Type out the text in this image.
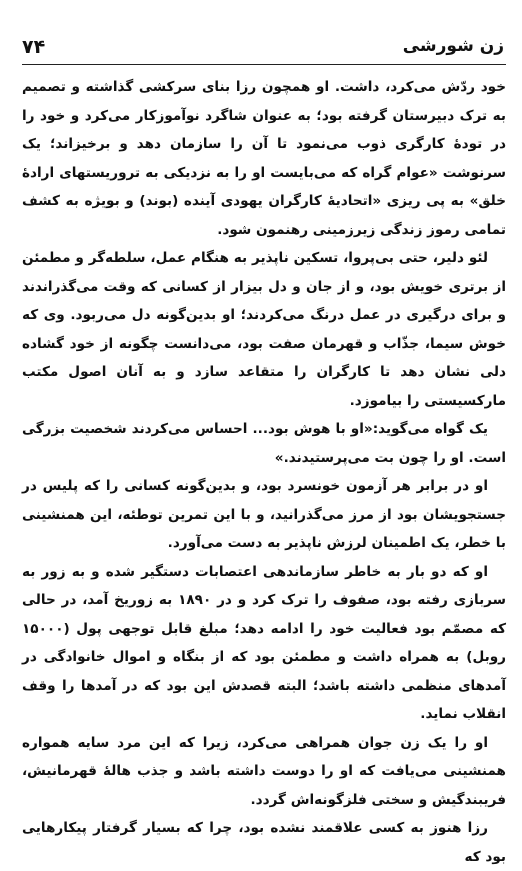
زن شورشی
۷۴

خود ردّش می‌کرد، داشت. او همچون رزا بنای سرکشی گذاشته و تصمیم به ترک دبیرستان گرفته بود؛ به عنوان شاگرد نوآموزکار می‌کرد و خود را در تودهٔ کارگری ذوب می‌نمود تا آن را سازمان دهد و برخیزاند؛ یک سرنوشت «عوام گراه که می‌بایست او را به نزدیکی به تروریستهای ارادهٔ خلق» به پی ریزی «اتحادیهٔ کارگران یهودی آینده (بوند) و بویژه به کشف تمامی رموز زندگی زیرزمینی رهنمون شود.

لئو دلیر، حتی بی‌پروا، تسکین ناپذیر به هنگام عمل، سلطه‌گر و مطمئن از برتری خویش بود، و از جان و دل بیزار از کسانی که وقت می‌گذراندند و برای درگیری در عمل درنگ می‌کردند؛ او بدین‌گونه دل می‌ربود. وی که خوش سیما، جذّاب و قهرمان صفت بود، می‌دانست چگونه از خود گشاده دلی نشان دهد تا کارگران را متقاعد سازد و به آنان اصول مکتب مارکسیستی را بیاموزد.

یک گواه می‌گوید:«او با هوش بود... احساس می‌کردند شخصیت بزرگی است. او را چون بت می‌پرستیدند.»

او در برابر هر آزمون خونسرد بود، و بدین‌گونه کسانی را که پلیس در جستجویشان بود از مرز می‌گذرانید، و با این تمرین توطئه، این همنشینی با خطر، یک اطمینان لرزش ناپذیر به دست می‌آورد.

او که دو بار به خاطر سازماندهی اعتصابات دستگیر شده و به زور به سربازی رفته بود، صفوف را ترک کرد و در ۱۸۹۰ به زوریخ آمد، در حالی که مصمّم بود فعالیت خود را ادامه دهد؛ مبلغ قابل توجهی پول (۱۵۰۰۰ روبل) به همراه داشت و مطمئن بود که از بنگاه و اموال خانوادگی در آمدهای منظمی داشته باشد؛ البته قصدش این بود که در آمدها را وقف انقلاب نماید.

او را یک زن جوان همراهی می‌کرد، زیرا که این مرد سایه همواره همنشینی می‌یافت که او را دوست داشته باشد و جذب هالهٔ قهرمانیش، فریبندگیش و سختی فلزگونه‌اش گردد.

رزا هنوز به کسی علاقمند نشده بود، چرا که بسیار گرفتار پیکارهایی بود که
